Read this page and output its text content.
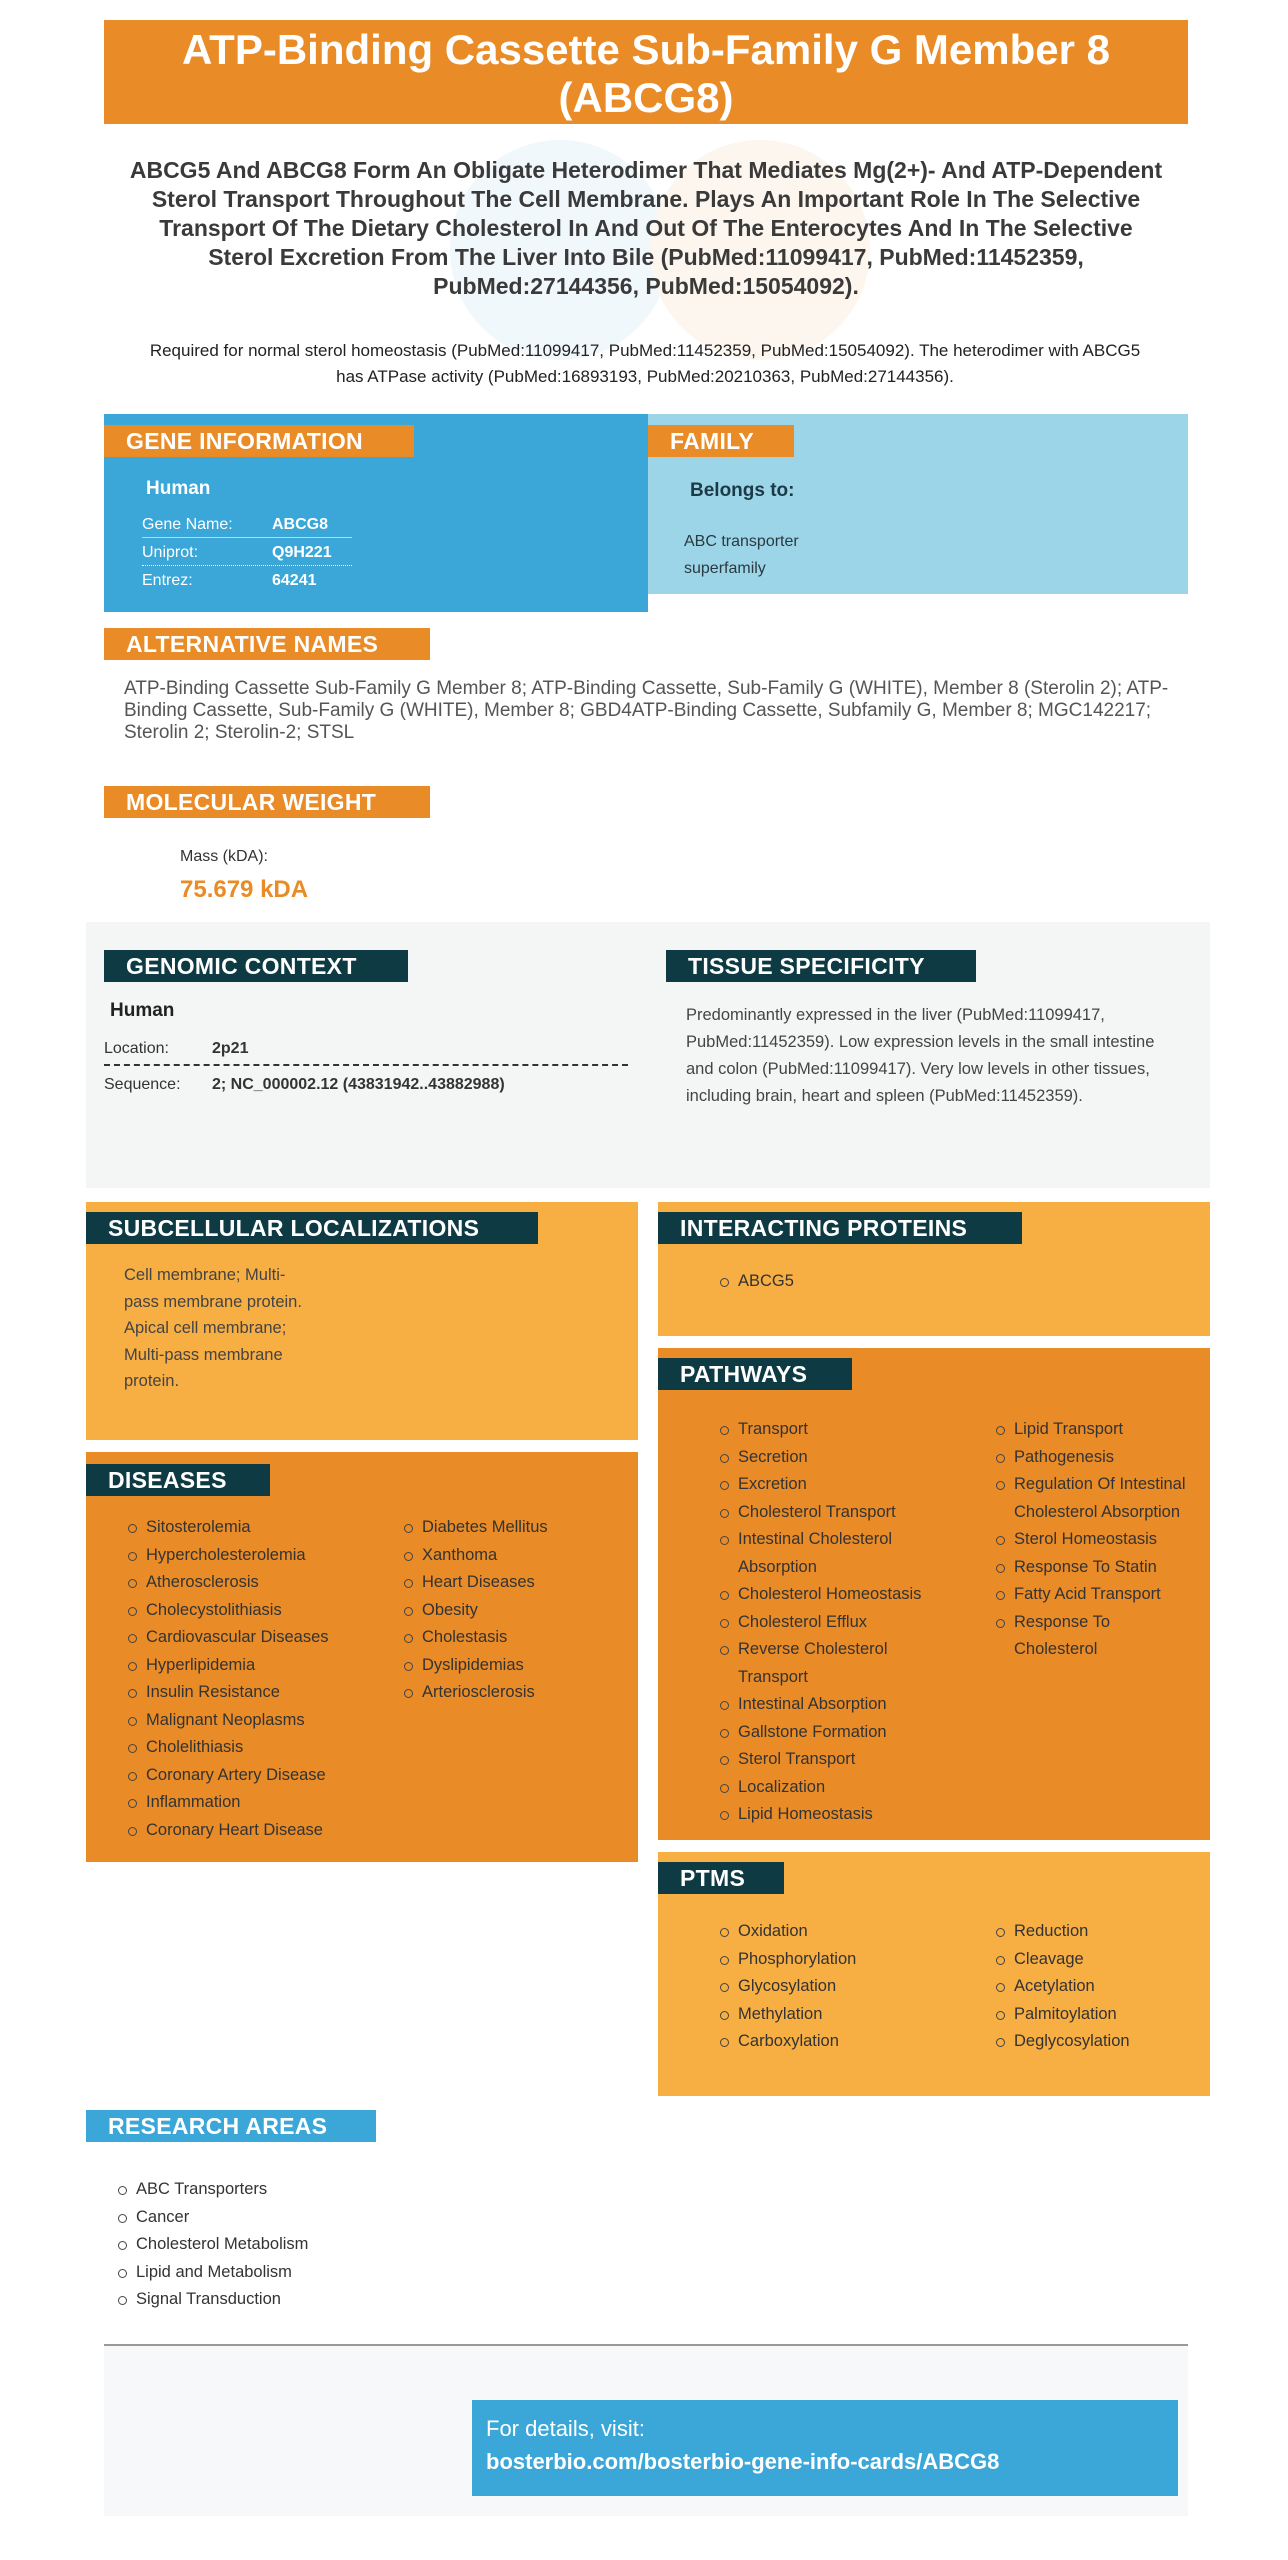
ATP-Binding Cassette Sub-Family G Member 8 (ABCG8)
ABCG5 And ABCG8 Form An Obligate Heterodimer That Mediates Mg(2+)- And ATP-Dependent Sterol Transport Throughout The Cell Membrane. Plays An Important Role In The Selective Transport Of The Dietary Cholesterol In And Out Of The Enterocytes And In The Selective Sterol Excretion From The Liver Into Bile (PubMed:11099417, PubMed:11452359, PubMed:27144356, PubMed:15054092).
Required for normal sterol homeostasis (PubMed:11099417, PubMed:11452359, PubMed:15054092). The heterodimer with ABCG5 has ATPase activity (PubMed:16893193, PubMed:20210363, PubMed:27144356).
Human
Gene Name: ABCG8
Uniprot:	Q9H221
Entrez:	64241
GENE INFORMATION
Belongs to:
ABC transporter
superfamily
FAMILY
ALTERNATIVE NAMES
ATP-Binding Cassette Sub-Family G Member 8; ATP-Binding Cassette, Sub-Family G (WHITE), Member 8 (Sterolin 2); ATP-Binding Cassette, Sub-Family G (WHITE), Member 8; GBD4ATP-Binding Cassette, Subfamily G, Member 8; MGC142217; Sterolin 2; Sterolin-2; STSL
MOLECULAR WEIGHT
Mass (kDA):
75.679 kDA
GENOMIC CONTEXT
Human
Location:	2p21
Sequence: 2; NC_000002.12 (43831942..43882988)
TISSUE SPECIFICITY
Predominantly expressed in the liver (PubMed:11099417, PubMed:11452359). Low expression levels in the small intestine and colon (PubMed:11099417). Very low levels in other tissues, including brain, heart and spleen (PubMed:11452359).
Cell membrane; Multi-
pass membrane protein.
Apical cell membrane;
Multi-pass membrane
protein.
SUBCELLULAR LOCALIZATIONS
ABCG5
INTERACTING PROTEINS
Transport
Secretion
Excretion
Cholesterol Transport
Intestinal Cholesterol Absorption
Cholesterol Homeostasis
Cholesterol Efflux
Reverse Cholesterol Transport
Intestinal Absorption
Gallstone Formation
Sterol Transport
Localization
Lipid Homeostasis
Lipid Transport
Pathogenesis
Regulation Of Intestinal Cholesterol Absorption
Sterol Homeostasis
Response To Statin
Fatty Acid Transport
Response To Cholesterol
PATHWAYS
Sitosterolemia
Hypercholesterolemia
Atherosclerosis
Cholecystolithiasis
Cardiovascular Diseases
Hyperlipidemia
Insulin Resistance
Malignant Neoplasms
Cholelithiasis
Coronary Artery Disease
Inflammation
Coronary Heart Disease
Diabetes Mellitus
Xanthoma
Heart Diseases
Obesity
Cholestasis
Dyslipidemias
Arteriosclerosis
DISEASES
Oxidation
Phosphorylation
Glycosylation
Methylation
Carboxylation
Reduction
Cleavage
Acetylation
Palmitoylation
Deglycosylation
PTMS
RESEARCH AREAS
ABC Transporters
Cancer
Cholesterol Metabolism
Lipid and Metabolism
Signal Transduction
For details, visit:
bosterbio.com/bosterbio-gene-info-cards/ABCG8
